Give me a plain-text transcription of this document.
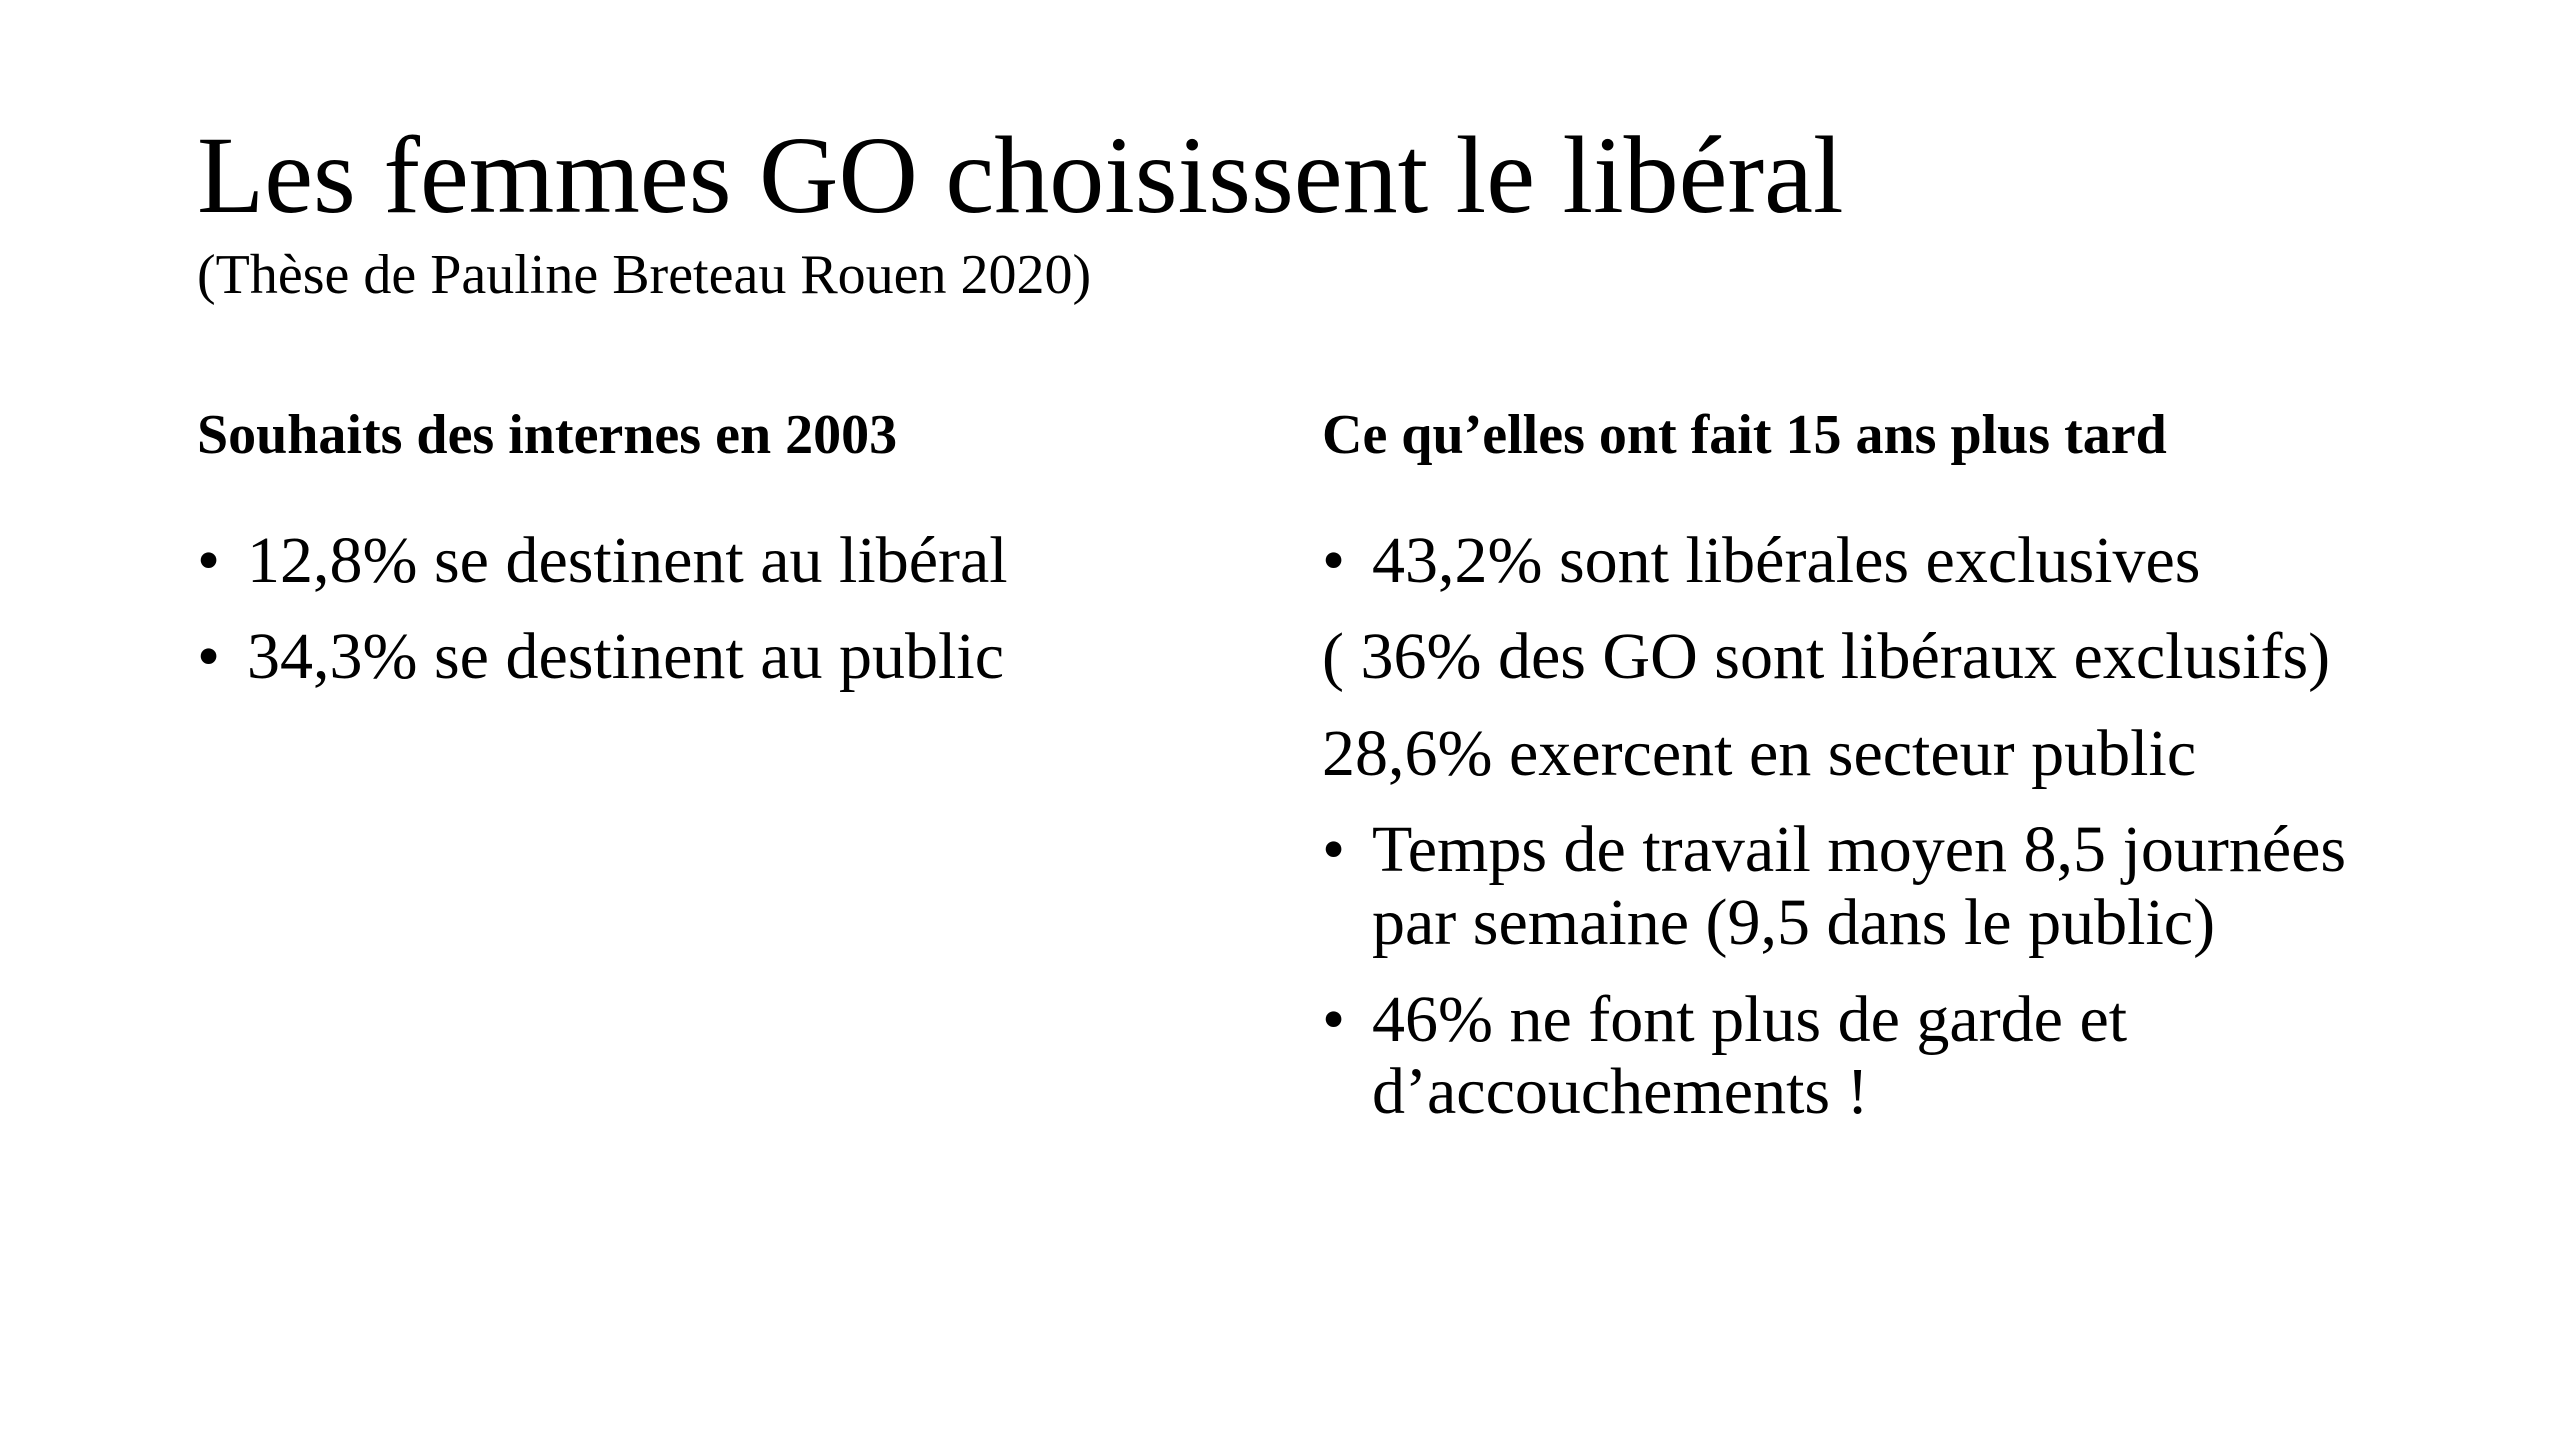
Les femmes GO choisissent le libéral
(Thèse de Pauline Breteau Rouen 2020)
Souhaits des internes en 2003
• 12,8% se destinent au libéral
• 34,3% se destinent au public
Ce qu’elles ont fait 15 ans plus tard
• 43,2% sont libérales exclusives
( 36% des GO sont libéraux exclusifs)
28,6% exercent en secteur public
• Temps de travail moyen 8,5 journées par semaine (9,5 dans le public)
• 46% ne font plus de garde et d’accouchements !
